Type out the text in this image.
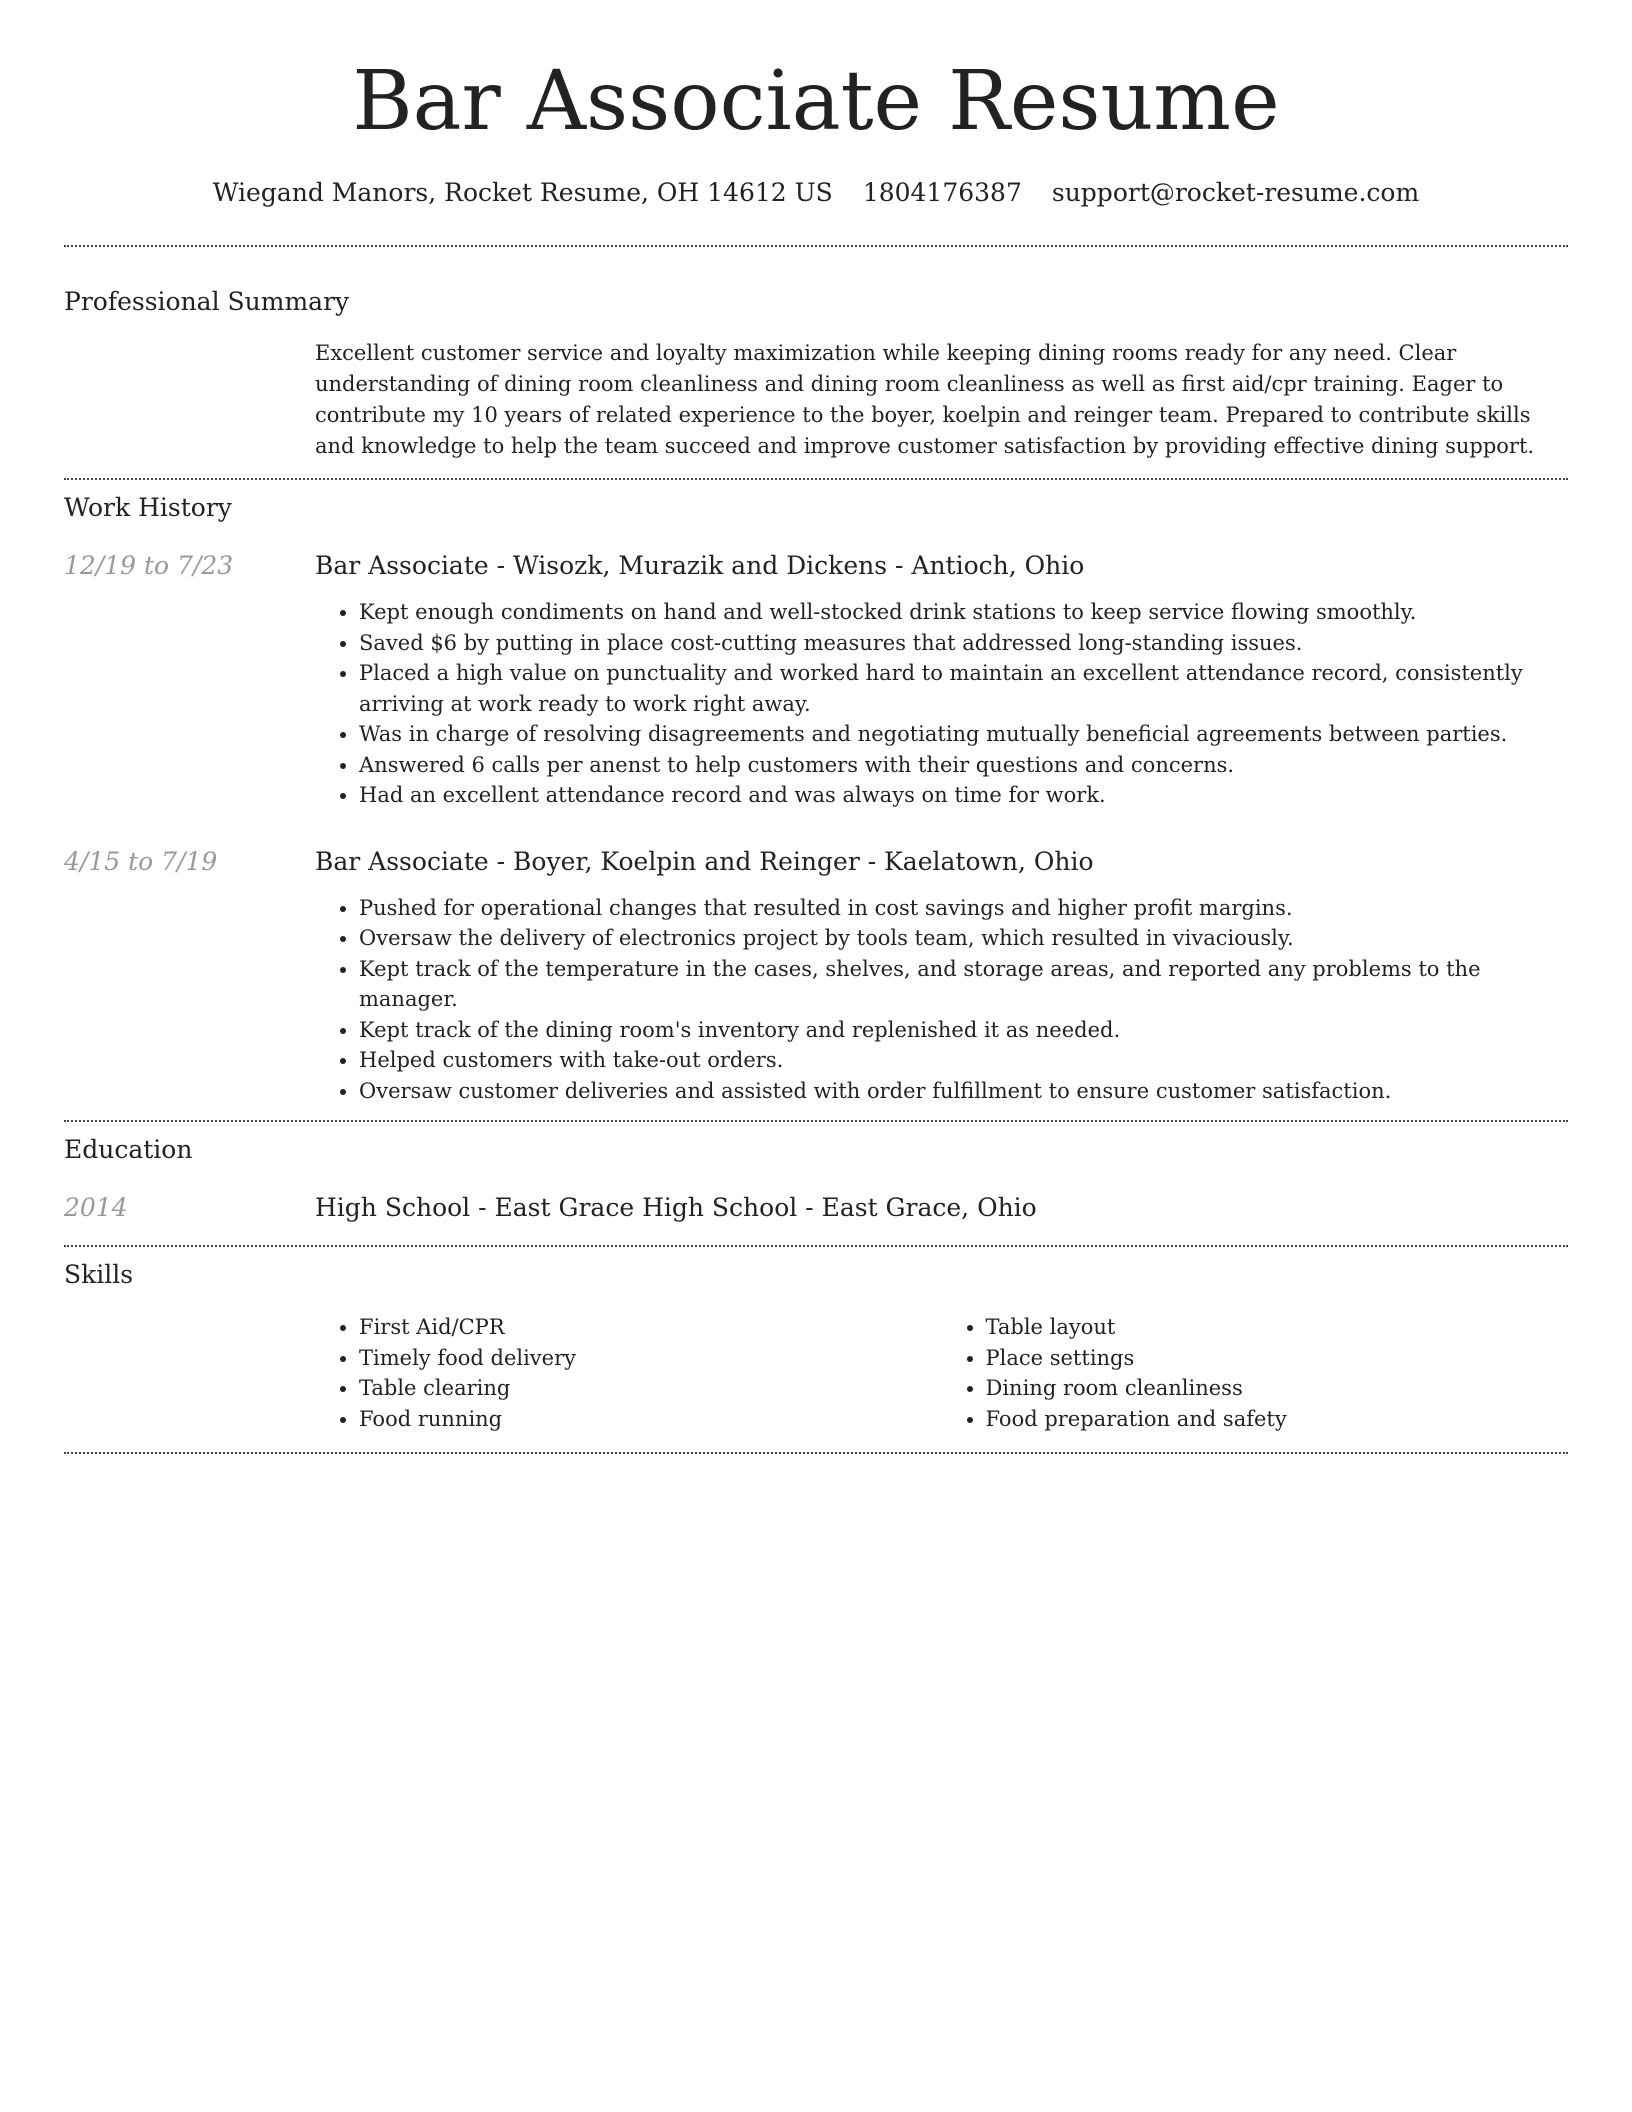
Bar Associate Resume
Wiegand Manors, Rocket Resume, OH 14612 US 1804176387 support@rocket-resume.com
Professional Summary

Excellent customer service and loyalty maximization while keeping dining rooms ready for any need. Clear understanding of dining room cleanliness and dining room cleanliness as well as first aid/cpr training. Eager to contribute my 10 years of related experience to the boyer, koelpin and reinger team. Prepared to contribute skills and knowledge to help the team succeed and improve customer satisfaction by providing effective dining support.

Work History
12/19 to 7/23	Bar Associate - Wisozk, Murazik and Dickens - Antioch, Ohio
• Kept enough condiments on hand and well-stocked drink stations to keep service flowing smoothly.
• Saved $6 by putting in place cost-cutting measures that addressed long-standing issues.
• Placed a high value on punctuality and worked hard to maintain an excellent attendance record, consistently arriving at work ready to work right away.
• Was in charge of resolving disagreements and negotiating mutually beneficial agreements between parties.
• Answered 6 calls per anenst to help customers with their questions and concerns.
• Had an excellent attendance record and was always on time for work.
4/15 to 7/19	Bar Associate - Boyer, Koelpin and Reinger - Kaelatown, Ohio
• Pushed for operational changes that resulted in cost savings and higher profit margins.
• Oversaw the delivery of electronics project by tools team, which resulted in vivaciously.
• Kept track of the temperature in the cases, shelves, and storage areas, and reported any problems to the manager.
• Kept track of the dining room's inventory and replenished it as needed.
• Helped customers with take-out orders.
• Oversaw customer deliveries and assisted with order fulfillment to ensure customer satisfaction.
Education
2014	High School - East Grace High School - East Grace, Ohio
Skills
• First Aid/CPR
• Timely food delivery
• Table clearing
• Food running
• Table layout
• Place settings
• Dining room cleanliness
• Food preparation and safety
